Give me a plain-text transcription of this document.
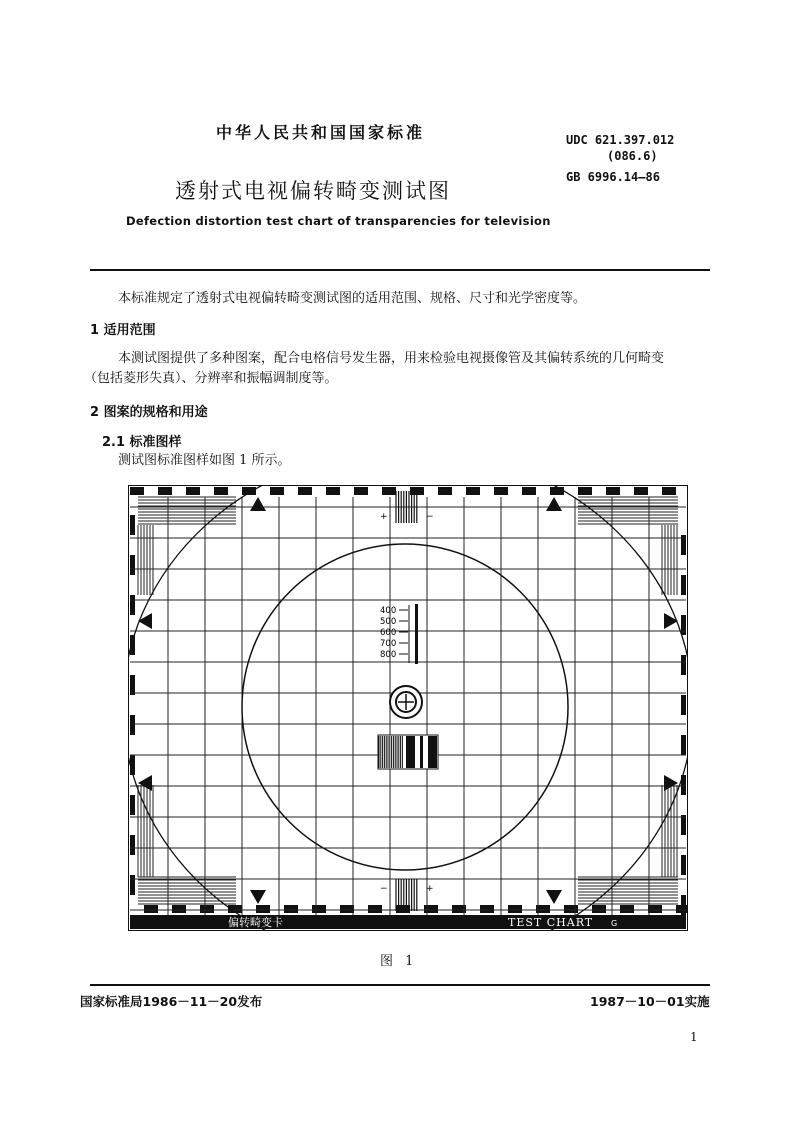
中华人民共和国国家标准
透射式电视偏转畸变测试图
Defection distortion test chart of transparencies for television
UDC 621.397.012
(086.6)
GB 6996.14—86
本标准规定了透射式电视偏转畸变测试图的适用范围、规格、尺寸和光学密度等。
1 适用范围
本测试图提供了多种图案，配合电格信号发生器，用来检验电视摄像管及其偏转系统的几何畸变
（包括菱形失真）、分辨率和振幅调制度等。
2 图案的规格和用途
2.1 标准图样
测试图标准图样如图 1 所示。
400
500
600
700
800
偏转畸变卡	TEST CHART G
+	−
−	+
图 1
国家标准局1986－11－20发布	1987－10－01实施
1
